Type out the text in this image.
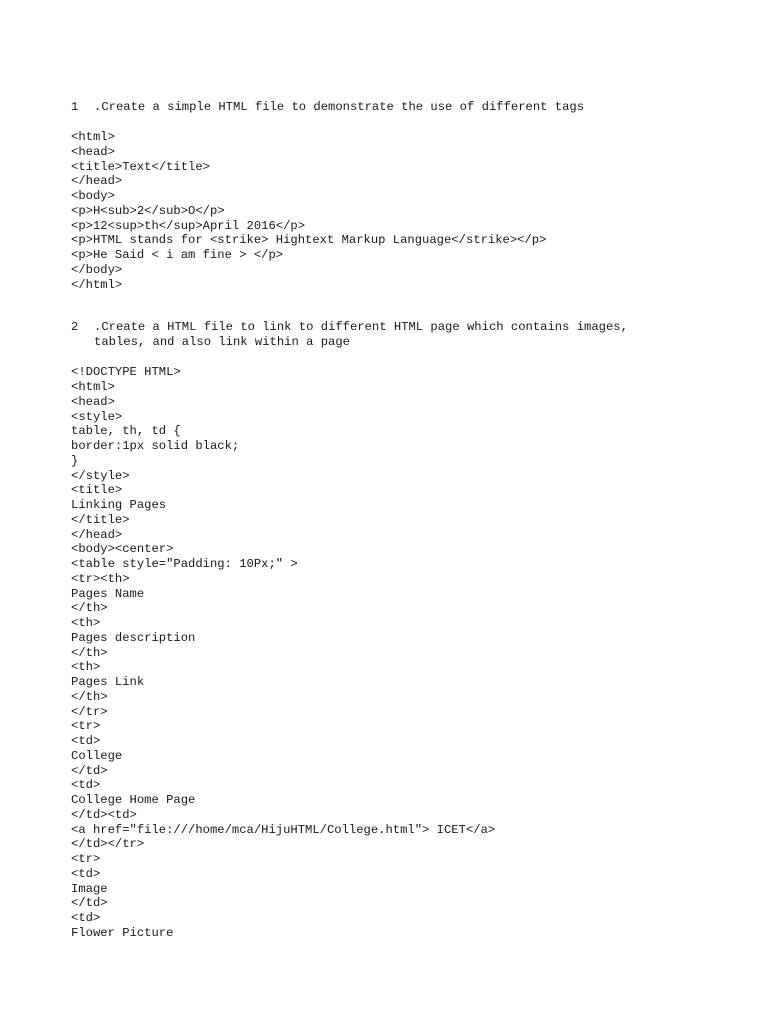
1 .Create a simple HTML file to demonstrate the use of different tags
<html>
<head>
<title>Text</title>
</head>
<body>
<p>H<sub>2</sub>O</p>
<p>12<sup>th</sup>April 2016</p>
<p>HTML stands for <strike> Hightext Markup Language</strike></p>
<p>He Said < i am fine > </p>
</body>
</html>
2 .Create a HTML file to link to different HTML page which contains images,
tables, and also link within a page
<!DOCTYPE HTML>
<html>
<head>
<style>
table, th, td {
border:1px solid black;
}
</style>
<title>
Linking Pages
</title>
</head>
<body><center>
<table style="Padding: 10Px;" >
<tr><th>
Pages Name
</th>
<th>
Pages description
</th>
<th>
Pages Link
</th>
</tr>
<tr>
<td>
College
</td>
<td>
College Home Page
</td><td>
<a href="file:///home/mca/HijuHTML/College.html"> ICET</a>
</td></tr>
<tr>
<td>
Image
</td>
<td>
Flower Picture
